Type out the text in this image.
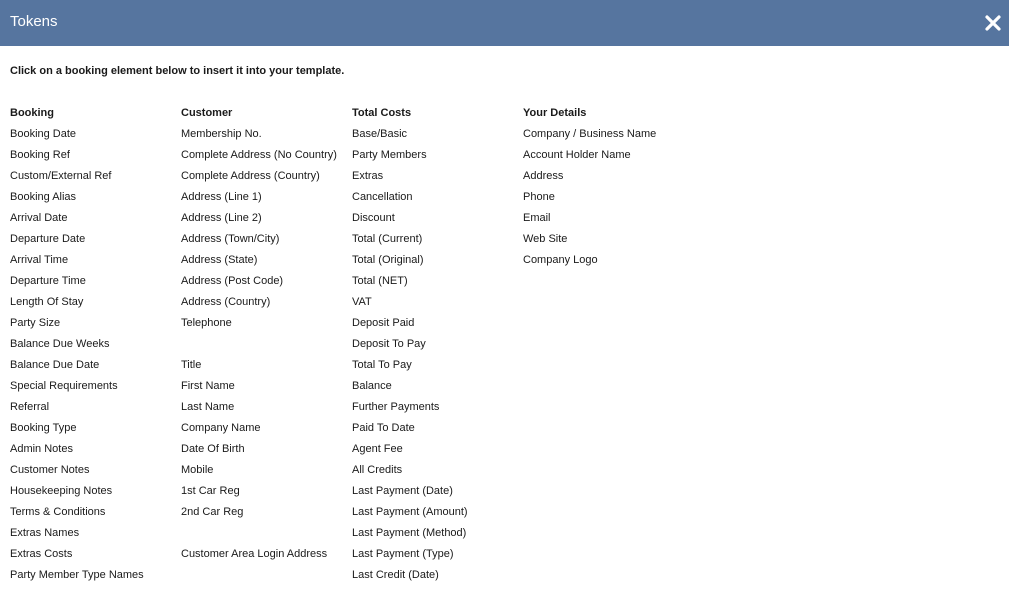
Tokens
Click on a booking element below to insert it into your template.
Booking
Booking Date
Booking Ref
Custom/External Ref
Booking Alias
Arrival Date
Departure Date
Arrival Time
Departure Time
Length Of Stay
Party Size
Balance Due Weeks
Balance Due Date
Special Requirements
Referral
Booking Type
Admin Notes
Customer Notes
Housekeeping Notes
Terms & Conditions
Extras Names
Extras Costs
Party Member Type Names
Customer
Membership No.
Complete Address (No Country)
Complete Address (Country)
Address (Line 1)
Address (Line 2)
Address (Town/City)
Address (State)
Address (Post Code)
Address (Country)
Telephone
Title
First Name
Last Name
Company Name
Date Of Birth
Mobile
1st Car Reg
2nd Car Reg
Customer Area Login Address
Total Costs
Base/Basic
Party Members
Extras
Cancellation
Discount
Total (Current)
Total (Original)
Total (NET)
VAT
Deposit Paid
Deposit To Pay
Total To Pay
Balance
Further Payments
Paid To Date
Agent Fee
All Credits
Last Payment (Date)
Last Payment (Amount)
Last Payment (Method)
Last Payment (Type)
Last Credit (Date)
Your Details
Company / Business Name
Account Holder Name
Address
Phone
Email
Web Site
Company Logo
